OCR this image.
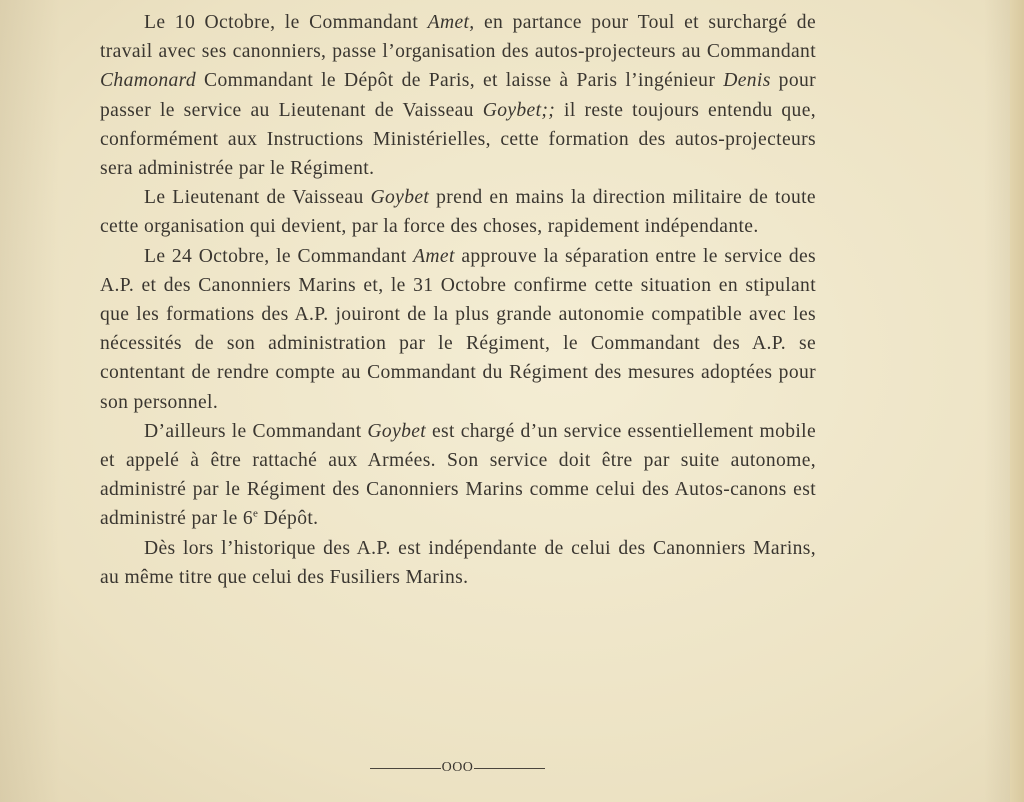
Le 10 Octobre, le Commandant Amet, en partance pour Toul et surchargé de travail avec ses canonniers, passe l’organisation des autos-projecteurs au Commandant Chamonard Commandant le Dépôt de Paris, et laisse à Paris l’ingénieur Denis pour passer le service au Lieutenant de Vaisseau Goybet;; il reste toujours entendu que, conformément aux Instructions Ministérielles, cette formation des autos-projecteurs sera administrée par le Régiment.

Le Lieutenant de Vaisseau Goybet prend en mains la direction militaire de toute cette organisation qui devient, par la force des choses, rapidement indépendante.

Le 24 Octobre, le Commandant Amet approuve la séparation entre le service des A.P. et des Canonniers Marins et, le 31 Octobre confirme cette situation en stipulant que les formations des A.P. jouiront de la plus grande autonomie compatible avec les nécessités de son administration par le Régiment, le Commandant des A.P. se contentant de rendre compte au Commandant du Régiment des mesures adoptées pour son personnel.

D’ailleurs le Commandant Goybet est chargé d’un service essentiellement mobile et appelé à être rattaché aux Armées. Son service doit être par suite autonome, administré par le Régiment des Canonniers Marins comme celui des Autos-canons est administré par le 6e Dépôt.

Dès lors l’historique des A.P. est indépendante de celui des Canonniers Marins, au même titre que celui des Fusiliers Marins.

OOO
